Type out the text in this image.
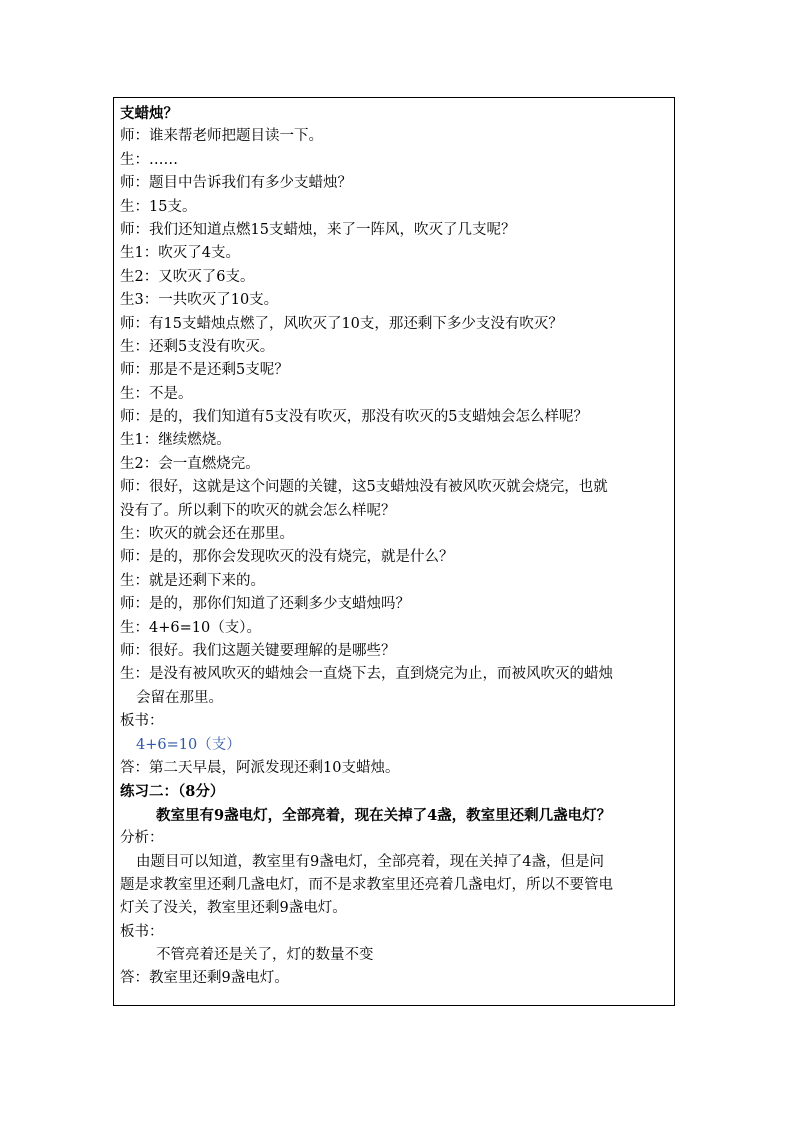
支蜡烛？
师：谁来帮老师把题目读一下。
生：……
师：题目中告诉我们有多少支蜡烛？
生：15支。
师：我们还知道点燃15支蜡烛，来了一阵风，吹灭了几支呢？
生1：吹灭了4支。
生2：又吹灭了6支。
生3：一共吹灭了10支。
师：有15支蜡烛点燃了，风吹灭了10支，那还剩下多少支没有吹灭？
生：还剩5支没有吹灭。
师：那是不是还剩5支呢？
生：不是。
师：是的，我们知道有5支没有吹灭，那没有吹灭的5支蜡烛会怎么样呢？
生1：继续燃烧。
生2：会一直燃烧完。
师：很好，这就是这个问题的关键，这5支蜡烛没有被风吹灭就会烧完，也就
没有了。所以剩下的吹灭的就会怎么样呢？
生：吹灭的就会还在那里。
师：是的，那你会发现吹灭的没有烧完，就是什么？
生：就是还剩下来的。
师：是的，那你们知道了还剩多少支蜡烛吗？
生：4+6=10（支）。
师：很好。我们这题关键要理解的是哪些？
生：是没有被风吹灭的蜡烛会一直烧下去，直到烧完为止，而被风吹灭的蜡烛
会留在那里。
板书：
4+6=10（支）
答：第二天早晨，阿派发现还剩10支蜡烛。
练习二：（8分）
教室里有9盏电灯，全部亮着，现在关掉了4盏，教室里还剩几盏电灯？
分析：
由题目可以知道，教室里有9盏电灯，全部亮着，现在关掉了4盏，但是问
题是求教室里还剩几盏电灯，而不是求教室里还亮着几盏电灯，所以不要管电
灯关了没关，教室里还剩9盏电灯。
板书：
不管亮着还是关了，灯的数量不变
答：教室里还剩9盏电灯。
